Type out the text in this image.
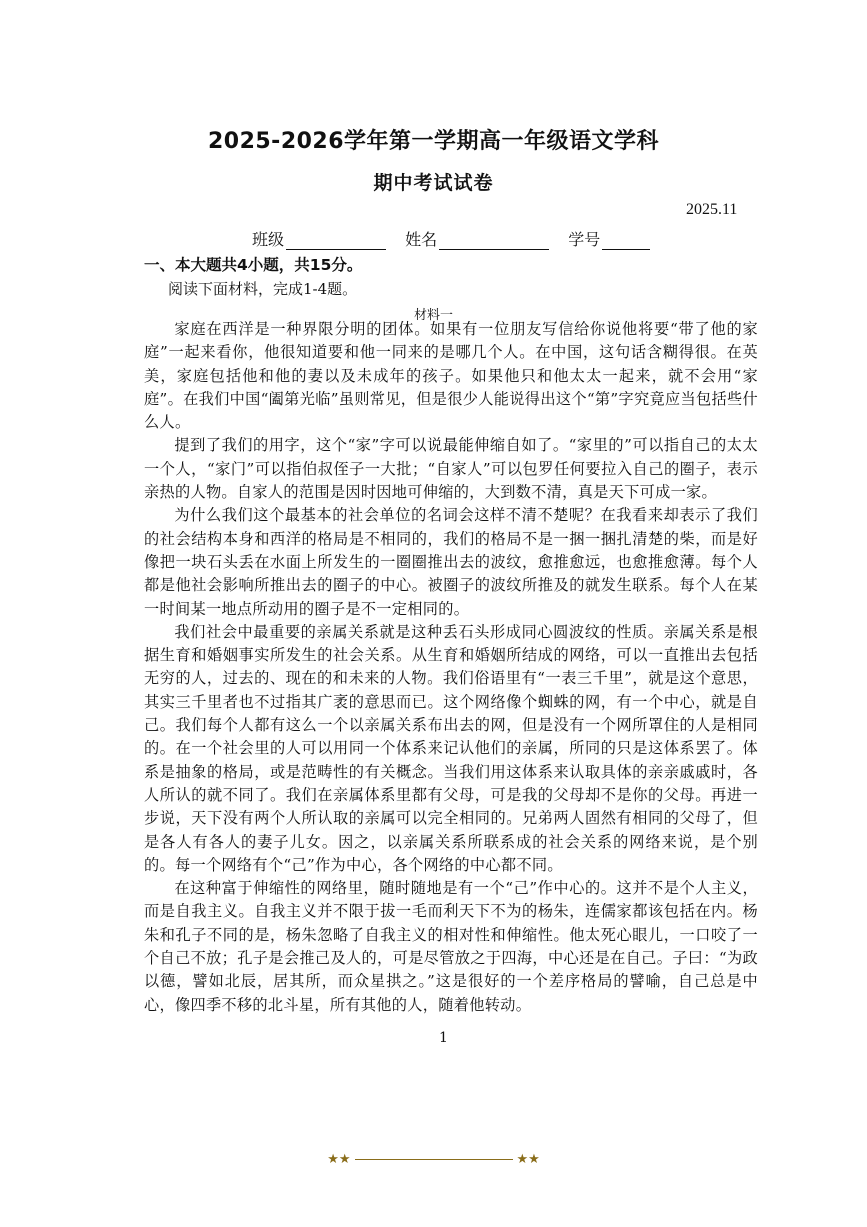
2025-2026学年第一学期高一年级语文学科
期中考试试卷
2025.11
班级	姓名	学号
一、本大题共4小题，共15分。
阅读下面材料，完成1-4题。
材料一

家庭在西洋是一种界限分明的团体。如果有一位朋友写信给你说他将要“带了他的家庭”一起来看你，他很知道要和他一同来的是哪几个人。在中国，这句话含糊得很。在英美，家庭包括他和他的妻以及未成年的孩子。如果他只和他太太一起来，就不会用“家庭”。在我们中国“阖第光临”虽则常见，但是很少人能说得出这个“第”字究竟应当包括些什么人。

提到了我们的用字，这个“家”字可以说最能伸缩自如了。“家里的”可以指自己的太太一个人，“家门”可以指伯叔侄子一大批；“自家人”可以包罗任何要拉入自己的圈子，表示亲热的人物。自家人的范围是因时因地可伸缩的，大到数不清，真是天下可成一家。

为什么我们这个最基本的社会单位的名词会这样不清不楚呢？在我看来却表示了我们的社会结构本身和西洋的格局是不相同的，我们的格局不是一捆一捆扎清楚的柴，而是好像把一块石头丢在水面上所发生的一圈圈推出去的波纹，愈推愈远，也愈推愈薄。每个人都是他社会影响所推出去的圈子的中心。被圈子的波纹所推及的就发生联系。每个人在某一时间某一地点所动用的圈子是不一定相同的。

我们社会中最重要的亲属关系就是这种丢石头形成同心圆波纹的性质。亲属关系是根据生育和婚姻事实所发生的社会关系。从生育和婚姻所结成的网络，可以一直推出去包括无穷的人，过去的、现在的和未来的人物。我们俗语里有“一表三千里”，就是这个意思，其实三千里者也不过指其广袤的意思而已。这个网络像个蜘蛛的网，有一个中心，就是自己。我们每个人都有这么一个以亲属关系布出去的网，但是没有一个网所罩住的人是相同的。在一个社会里的人可以用同一个体系来记认他们的亲属，所同的只是这体系罢了。体系是抽象的格局，或是范畴性的有关概念。当我们用这体系来认取具体的亲亲戚戚时，各人所认的就不同了。我们在亲属体系里都有父母，可是我的父母却不是你的父母。再进一步说，天下没有两个人所认取的亲属可以完全相同的。兄弟两人固然有相同的父母了，但是各人有各人的妻子儿女。因之，以亲属关系所联系成的社会关系的网络来说，是个别的。每一个网络有个“己”作为中心，各个网络的中心都不同。

在这种富于伸缩性的网络里，随时随地是有一个“己”作中心的。这并不是个人主义，而是自我主义。自我主义并不限于拔一毛而利天下不为的杨朱，连儒家都该包括在内。杨朱和孔子不同的是，杨朱忽略了自我主义的相对性和伸缩性。他太死心眼儿，一口咬了一个自己不放；孔子是会推己及人的，可是尽管放之于四海，中心还是在自己。子曰：“为政以德，譬如北辰，居其所，而众星拱之。”这是很好的一个差序格局的譬喻，自己总是中心，像四季不移的北斗星，所有其他的人，随着他转动。

1
★★	★★
